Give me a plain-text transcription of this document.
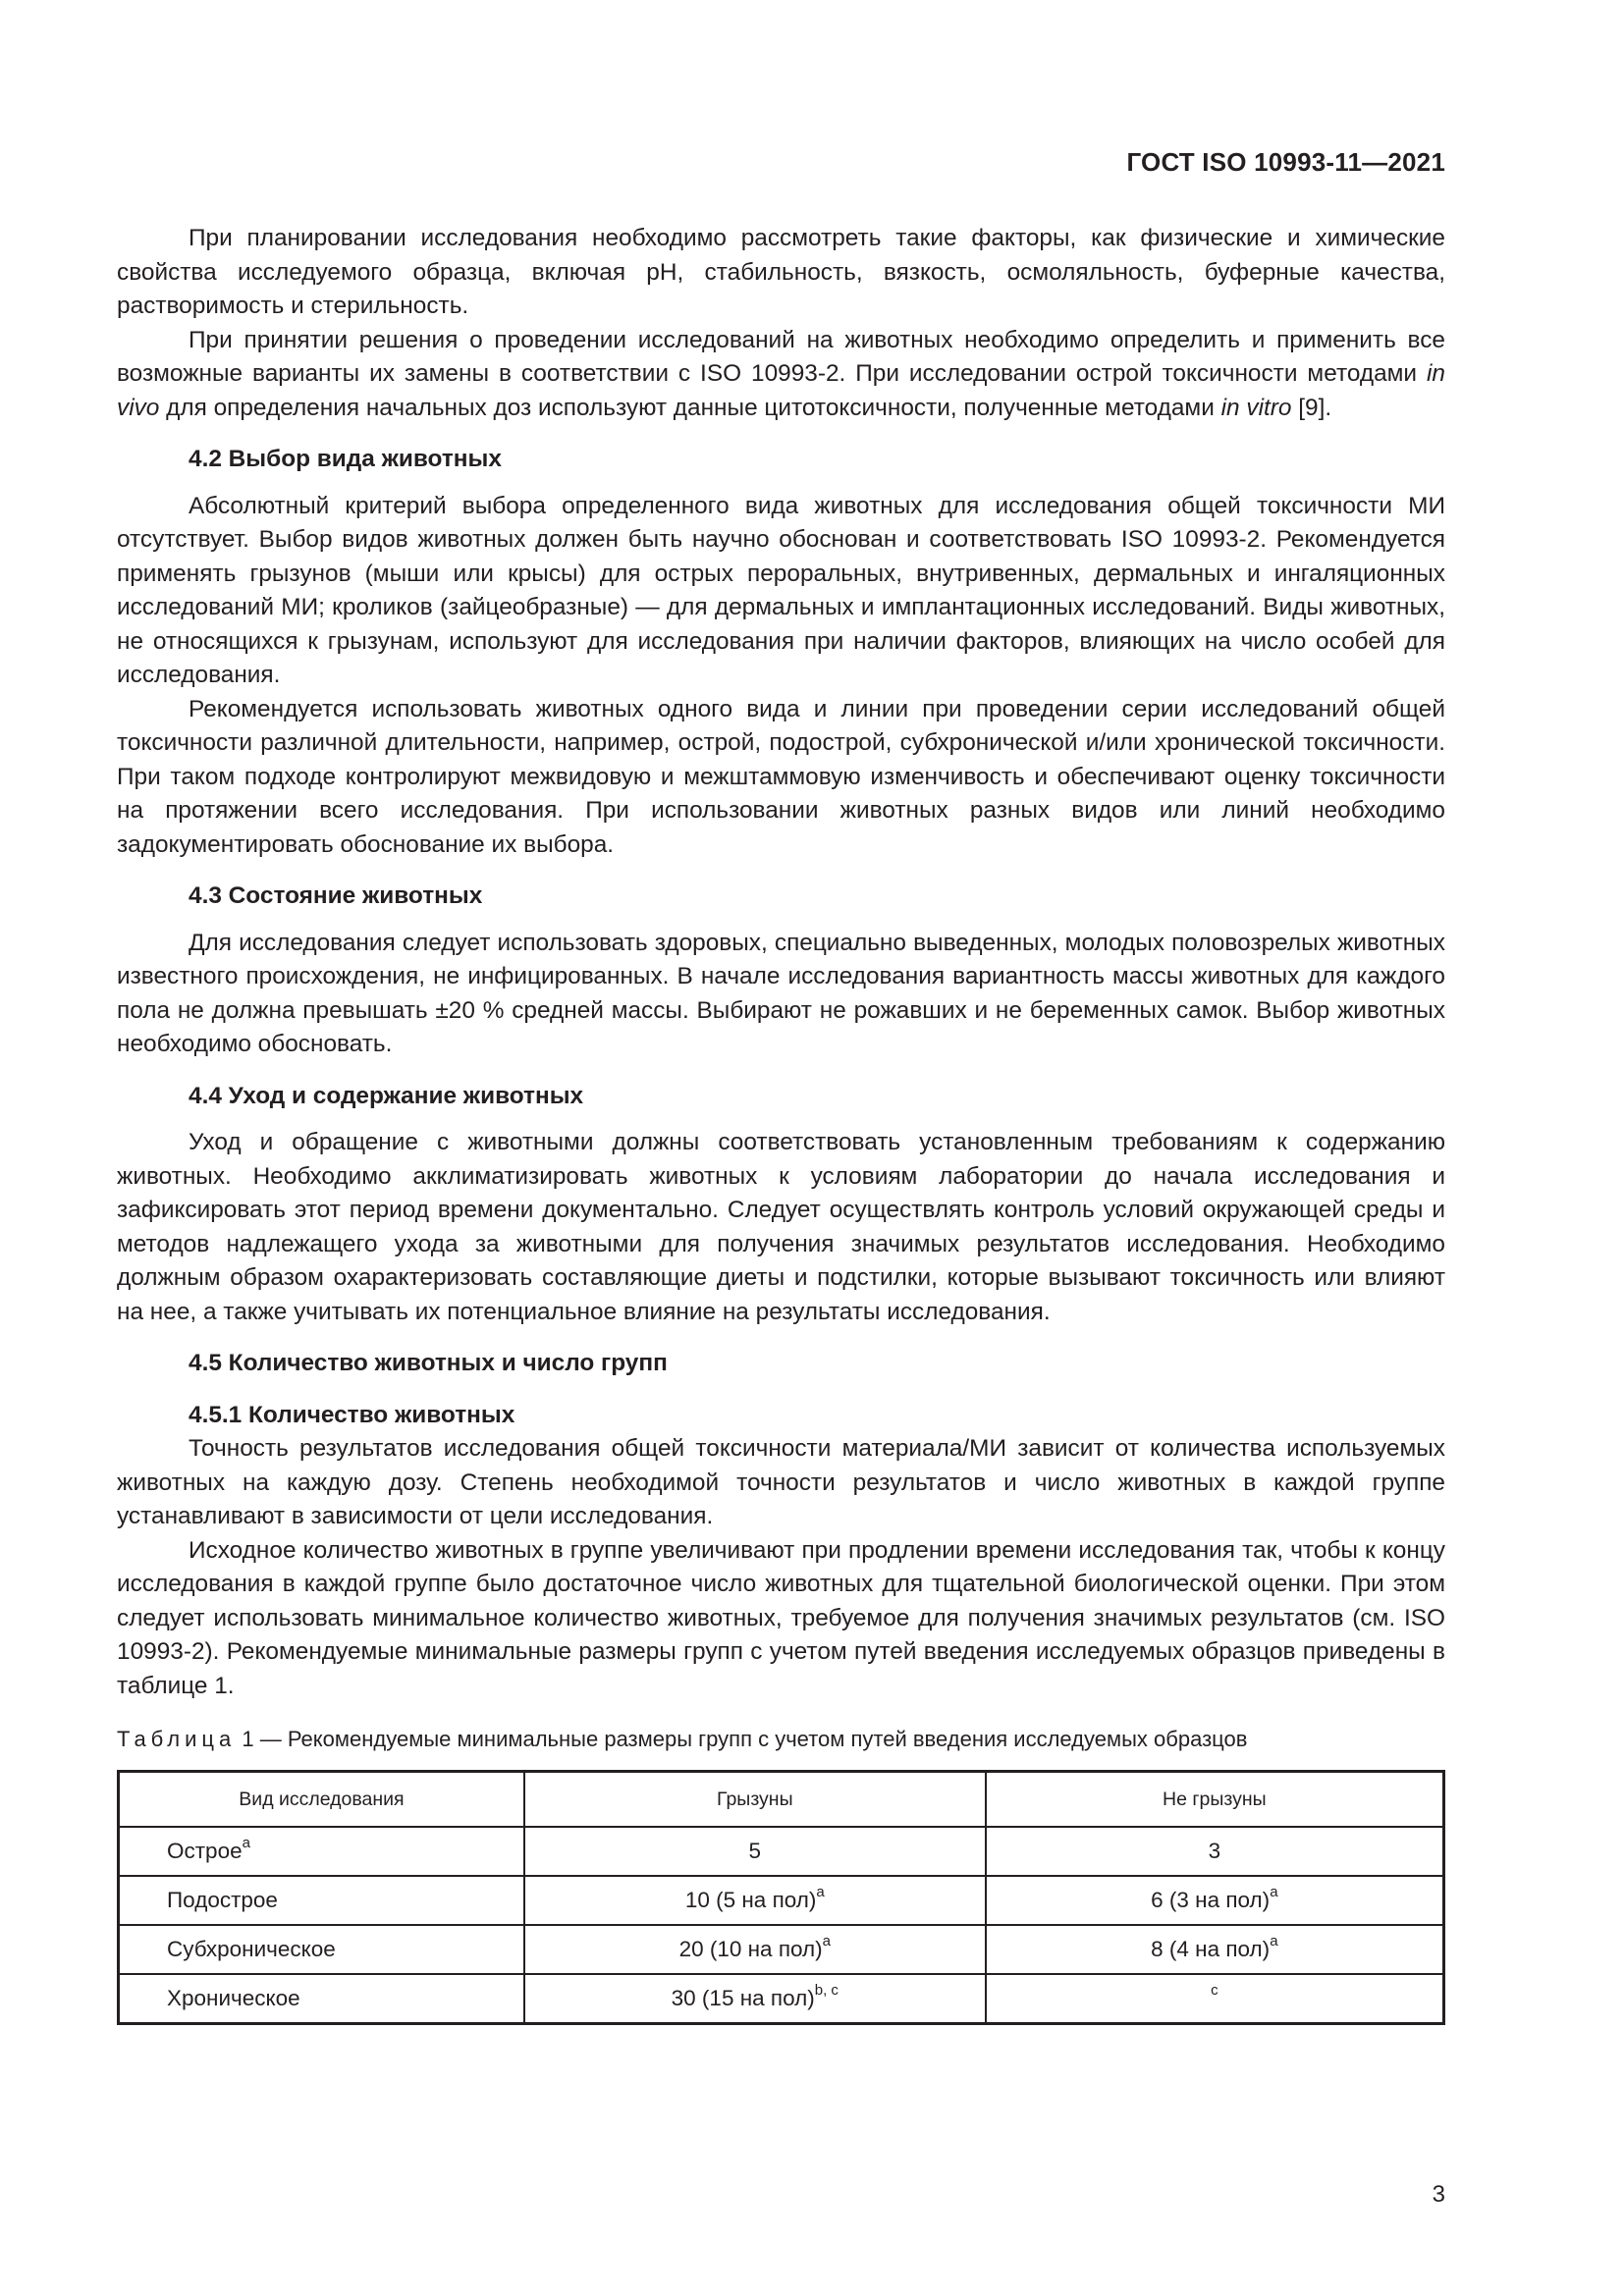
ГОСТ ISO 10993-11—2021

При планировании исследования необходимо рассмотреть такие факторы, как физические и химические свойства исследуемого образца, включая pH, стабильность, вязкость, осмоляльность, буферные качества, растворимость и стерильность.

При принятии решения о проведении исследований на животных необходимо определить и применить все возможные варианты их замены в соответствии с ISO 10993-2. При исследовании острой токсичности методами in vivo для определения начальных доз используют данные цитотоксичности, полученные методами in vitro [9].

4.2 Выбор вида животных

Абсолютный критерий выбора определенного вида животных для исследования общей токсичности МИ отсутствует. Выбор видов животных должен быть научно обоснован и соответствовать ISO 10993-2. Рекомендуется применять грызунов (мыши или крысы) для острых пероральных, внутривенных, дермальных и ингаляционных исследований МИ; кроликов (зайцеобразные) — для дермальных и имплантационных исследований. Виды животных, не относящихся к грызунам, используют для исследования при наличии факторов, влияющих на число особей для исследования.

Рекомендуется использовать животных одного вида и линии при проведении серии исследований общей токсичности различной длительности, например, острой, подострой, субхронической и/или хронической токсичности. При таком подходе контролируют межвидовую и межштаммовую изменчивость и обеспечивают оценку токсичности на протяжении всего исследования. При использовании животных разных видов или линий необходимо задокументировать обоснование их выбора.

4.3 Состояние животных

Для исследования следует использовать здоровых, специально выведенных, молодых половозрелых животных известного происхождения, не инфицированных. В начале исследования вариантность массы животных для каждого пола не должна превышать ±20 % средней массы. Выбирают не рожавших и не беременных самок. Выбор животных необходимо обосновать.

4.4 Уход и содержание животных

Уход и обращение с животными должны соответствовать установленным требованиям к содержанию животных. Необходимо акклиматизировать животных к условиям лаборатории до начала исследования и зафиксировать этот период времени документально. Следует осуществлять контроль условий окружающей среды и методов надлежащего ухода за животными для получения значимых результатов исследования. Необходимо должным образом охарактеризовать составляющие диеты и подстилки, которые вызывают токсичность или влияют на нее, а также учитывать их потенциальное влияние на результаты исследования.

4.5 Количество животных и число групп
4.5.1 Количество животных

Точность результатов исследования общей токсичности материала/МИ зависит от количества используемых животных на каждую дозу. Степень необходимой точности результатов и число животных в каждой группе устанавливают в зависимости от цели исследования.

Исходное количество животных в группе увеличивают при продлении времени исследования так, чтобы к концу исследования в каждой группе было достаточное число животных для тщательной биологической оценки. При этом следует использовать минимальное количество животных, требуемое для получения значимых результатов (см. ISO 10993-2). Рекомендуемые минимальные размеры групп с учетом путей введения исследуемых образцов приведены в таблице 1.

Таблица 1 — Рекомендуемые минимальные размеры групп с учетом путей введения исследуемых образцов
Вид исследования	Грызуны	Не грызуны
Острое$^a$	5	3
Подострое	10 (5 на пол)$^a$	6 (3 на пол)$^a$
Субхроническое	20 (10 на пол)$^a$	8 (4 на пол)$^a$
Хроническое	30 (15 на пол)$^{b, c}$	$^c$
3
